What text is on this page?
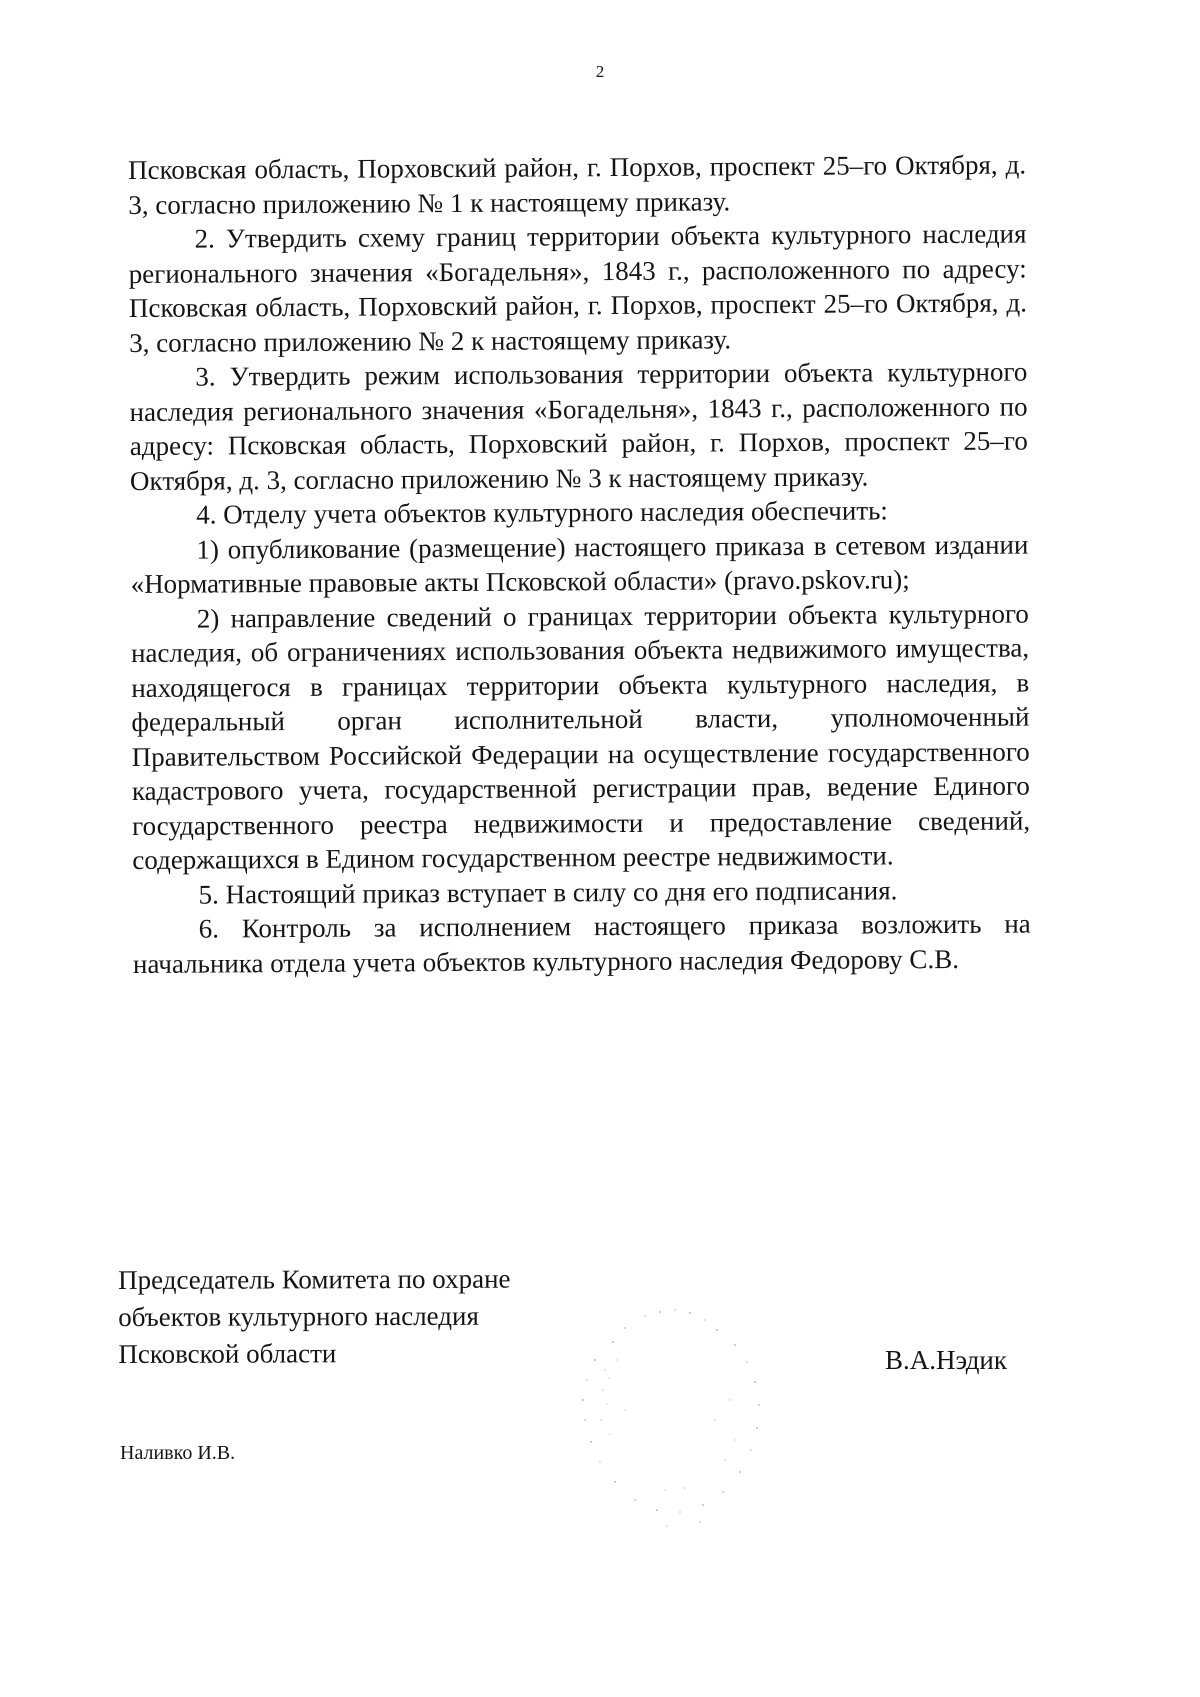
2

Псковская область, Порховский район, г. Порхов, проспект 25–го Октября, д. 3, согласно приложению № 1 к настоящему приказу.

2. Утвердить схему границ территории объекта культурного наследия регионального значения «Богадельня», 1843 г., расположенного по адресу: Псковская область, Порховский район, г. Порхов, проспект 25–го Октября, д. 3, согласно приложению № 2 к настоящему приказу.

3. Утвердить режим использования территории объекта культурного наследия регионального значения «Богадельня», 1843 г., расположенного по адресу: Псковская область, Порховский район, г. Порхов, проспект 25–го Октября, д. 3, согласно приложению № 3 к настоящему приказу.

4. Отделу учета объектов культурного наследия обеспечить:

1) опубликование (размещение) настоящего приказа в сетевом издании «Нормативные правовые акты Псковской области» (pravo.pskov.ru);

2) направление сведений о границах территории объекта культурного наследия, об ограничениях использования объекта недвижимого имущества, находящегося в границах территории объекта культурного наследия, в федеральный орган исполнительной власти, уполномоченный Правительством Российской Федерации на осуществление государственного кадастрового учета, государственной регистрации прав, ведение Единого государственного реестра недвижимости и предоставление сведений, содержащихся в Едином государственном реестре недвижимости.

5. Настоящий приказ вступает в силу со дня его подписания.

6. Контроль за исполнением настоящего приказа возложить на начальника отдела учета объектов культурного наследия Федорову С.В.

Председатель Комитета по охране
объектов культурного наследия
Псковской области	В.А.Нэдик
Наливко И.В.
